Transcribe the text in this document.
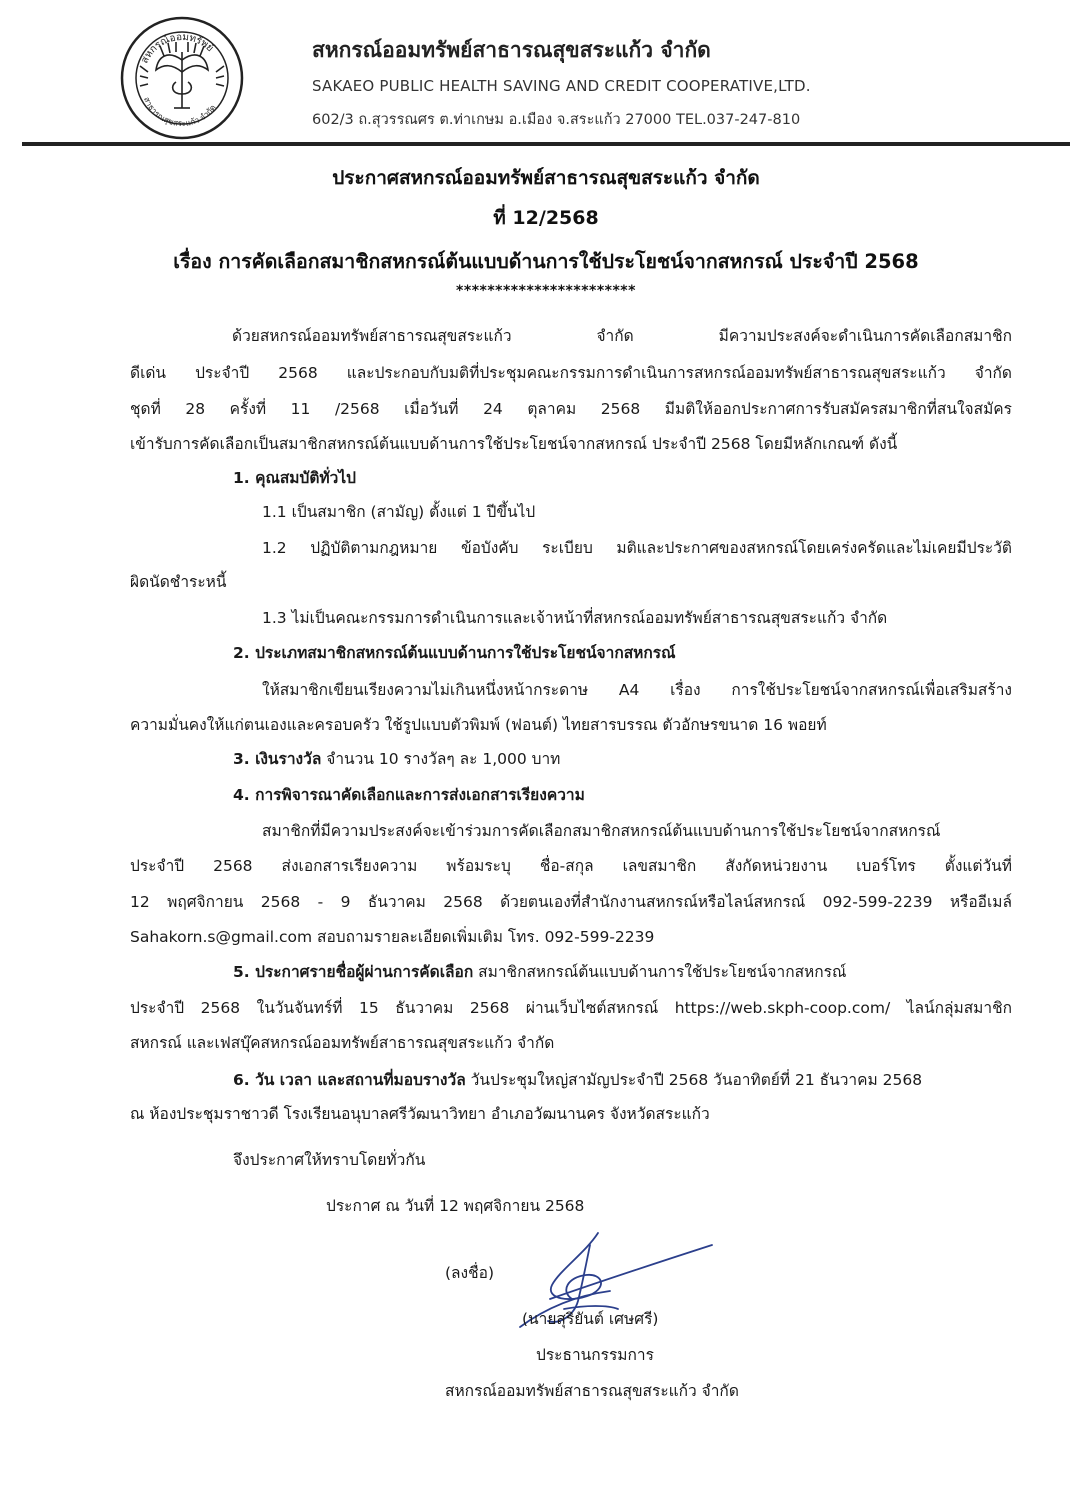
สหกรณ์ออมทรัพย์
สาธารณสุขสระแก้ว จำกัด
สหกรณ์ออมทรัพย์สาธารณสุขสระแก้ว จำกัด
SAKAEO PUBLIC HEALTH SAVING AND CREDIT COOPERATIVE,LTD.
602/3 ถ.สุวรรณศร ต.ท่าเกษม อ.เมือง จ.สระแก้ว 27000 TEL.037-247-810
ประกาศสหกรณ์ออมทรัพย์สาธารณสุขสระแก้ว จำกัด
ที่ 12/2568
เรื่อง การคัดเลือกสมาชิกสหกรณ์ต้นแบบด้านการใช้ประโยชน์จากสหกรณ์ ประจำปี 2568
***********************
ด้วยสหกรณ์ออมทรัพย์สาธารณสุขสระแก้ว จำกัด มีความประสงค์จะดำเนินการคัดเลือกสมาชิก
ดีเด่น ประจำปี 2568 และประกอบกับมติที่ประชุมคณะกรรมการดำเนินการสหกรณ์ออมทรัพย์สาธารณสุขสระแก้ว จำกัด
ชุดที่ 28 ครั้งที่ 11 /2568 เมื่อวันที่ 24 ตุลาคม 2568 มีมติให้ออกประกาศการรับสมัครสมาชิกที่สนใจสมัคร
เข้ารับการคัดเลือกเป็นสมาชิกสหกรณ์ต้นแบบด้านการใช้ประโยชน์จากสหกรณ์ ประจำปี 2568 โดยมีหลักเกณฑ์ ดังนี้
1. คุณสมบัติทั่วไป
1.1 เป็นสมาชิก (สามัญ) ตั้งแต่ 1 ปีขึ้นไป
1.2 ปฏิบัติตามกฎหมาย ข้อบังคับ ระเบียบ มติและประกาศของสหกรณ์โดยเคร่งครัดและไม่เคยมีประวัติ
ผิดนัดชำระหนี้
1.3 ไม่เป็นคณะกรรมการดำเนินการและเจ้าหน้าที่สหกรณ์ออมทรัพย์สาธารณสุขสระแก้ว จำกัด
2. ประเภทสมาชิกสหกรณ์ต้นแบบด้านการใช้ประโยชน์จากสหกรณ์
ให้สมาชิกเขียนเรียงความไม่เกินหนึ่งหน้ากระดาษ A4 เรื่อง การใช้ประโยชน์จากสหกรณ์เพื่อเสริมสร้าง
ความมั่นคงให้แก่ตนเองและครอบครัว ใช้รูปแบบตัวพิมพ์ (ฟอนต์) ไทยสารบรรณ ตัวอักษรขนาด 16 พอยท์
3. เงินรางวัล จำนวน 10 รางวัลๆ ละ 1,000 บาท
4. การพิจารณาคัดเลือกและการส่งเอกสารเรียงความ
สมาชิกที่มีความประสงค์จะเข้าร่วมการคัดเลือกสมาชิกสหกรณ์ต้นแบบด้านการใช้ประโยชน์จากสหกรณ์
ประจำปี 2568 ส่งเอกสารเรียงความ พร้อมระบุ ชื่อ-สกุล เลขสมาชิก สังกัดหน่วยงาน เบอร์โทร ตั้งแต่วันที่
12 พฤศจิกายน 2568 - 9 ธันวาคม 2568 ด้วยตนเองที่สำนักงานสหกรณ์หรือไลน์สหกรณ์ 092-599-2239 หรืออีเมล์
Sahakorn.s@gmail.com สอบถามรายละเอียดเพิ่มเติม โทร. 092-599-2239
5. ประกาศรายชื่อผู้ผ่านการคัดเลือก สมาชิกสหกรณ์ต้นแบบด้านการใช้ประโยชน์จากสหกรณ์
ประจำปี 2568 ในวันจันทร์ที่ 15 ธันวาคม 2568 ผ่านเว็บไซต์สหกรณ์ https://web.skph-coop.com/ ไลน์กลุ่มสมาชิก
สหกรณ์ และเฟสบุ๊คสหกรณ์ออมทรัพย์สาธารณสุขสระแก้ว จำกัด
6. วัน เวลา และสถานที่มอบรางวัล วันประชุมใหญ่สามัญประจำปี 2568 วันอาทิตย์ที่ 21 ธันวาคม 2568
ณ ห้องประชุมราชาวดี โรงเรียนอนุบาลศรีวัฒนาวิทยา อำเภอวัฒนานคร จังหวัดสระแก้ว
จึงประกาศให้ทราบโดยทั่วกัน
ประกาศ ณ วันที่ 12 พฤศจิกายน 2568
(ลงชื่อ)
(นายสุริยันต์ เศษศรี)
ประธานกรรมการ
สหกรณ์ออมทรัพย์สาธารณสุขสระแก้ว จำกัด
